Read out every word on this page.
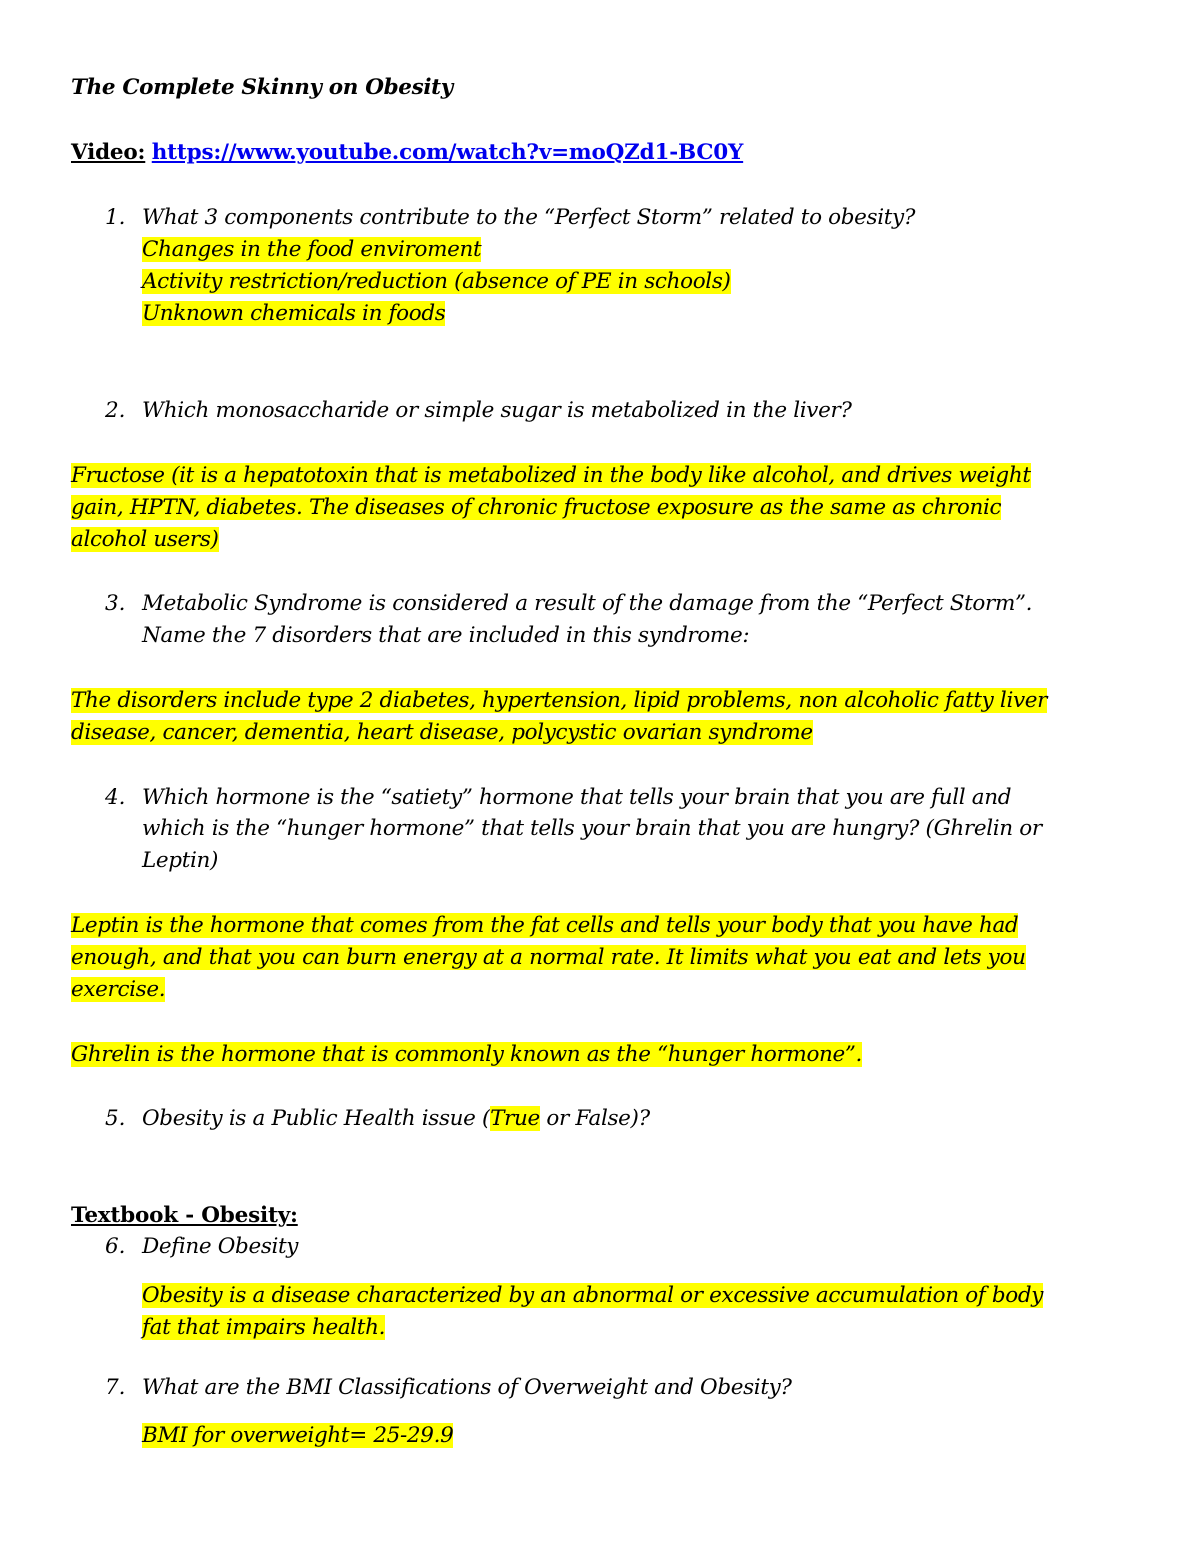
The Complete Skinny on Obesity
Video: https://www.youtube.com/watch?v=moQZd1-BC0Y
1. What 3 components contribute to the “Perfect Storm” related to obesity?
Changes in the food enviroment
Activity restriction/reduction (absence of PE in schools)
Unknown chemicals in foods
2. Which monosaccharide or simple sugar is metabolized in the liver?
Fructose (it is a hepatotoxin that is metabolized in the body like alcohol, and drives weight
gain, HPTN, diabetes. The diseases of chronic fructose exposure as the same as chronic
alcohol users)
3. Metabolic Syndrome is considered a result of the damage from the “Perfect Storm”.
Name the 7 disorders that are included in this syndrome:
The disorders include type 2 diabetes, hypertension, lipid problems, non alcoholic fatty liver
disease, cancer, dementia, heart disease, polycystic ovarian syndrome
4. Which hormone is the “satiety” hormone that tells your brain that you are full and
which is the “hunger hormone” that tells your brain that you are hungry? (Ghrelin or
Leptin)
Leptin is the hormone that comes from the fat cells and tells your body that you have had
enough, and that you can burn energy at a normal rate. It limits what you eat and lets you
exercise.
Ghrelin is the hormone that is commonly known as the “hunger hormone”.
5. Obesity is a Public Health issue (True or False)?
Textbook - Obesity:
6. Define Obesity
Obesity is a disease characterized by an abnormal or excessive accumulation of body
fat that impairs health.
7. What are the BMI Classifications of Overweight and Obesity?
BMI for overweight= 25-29.9
